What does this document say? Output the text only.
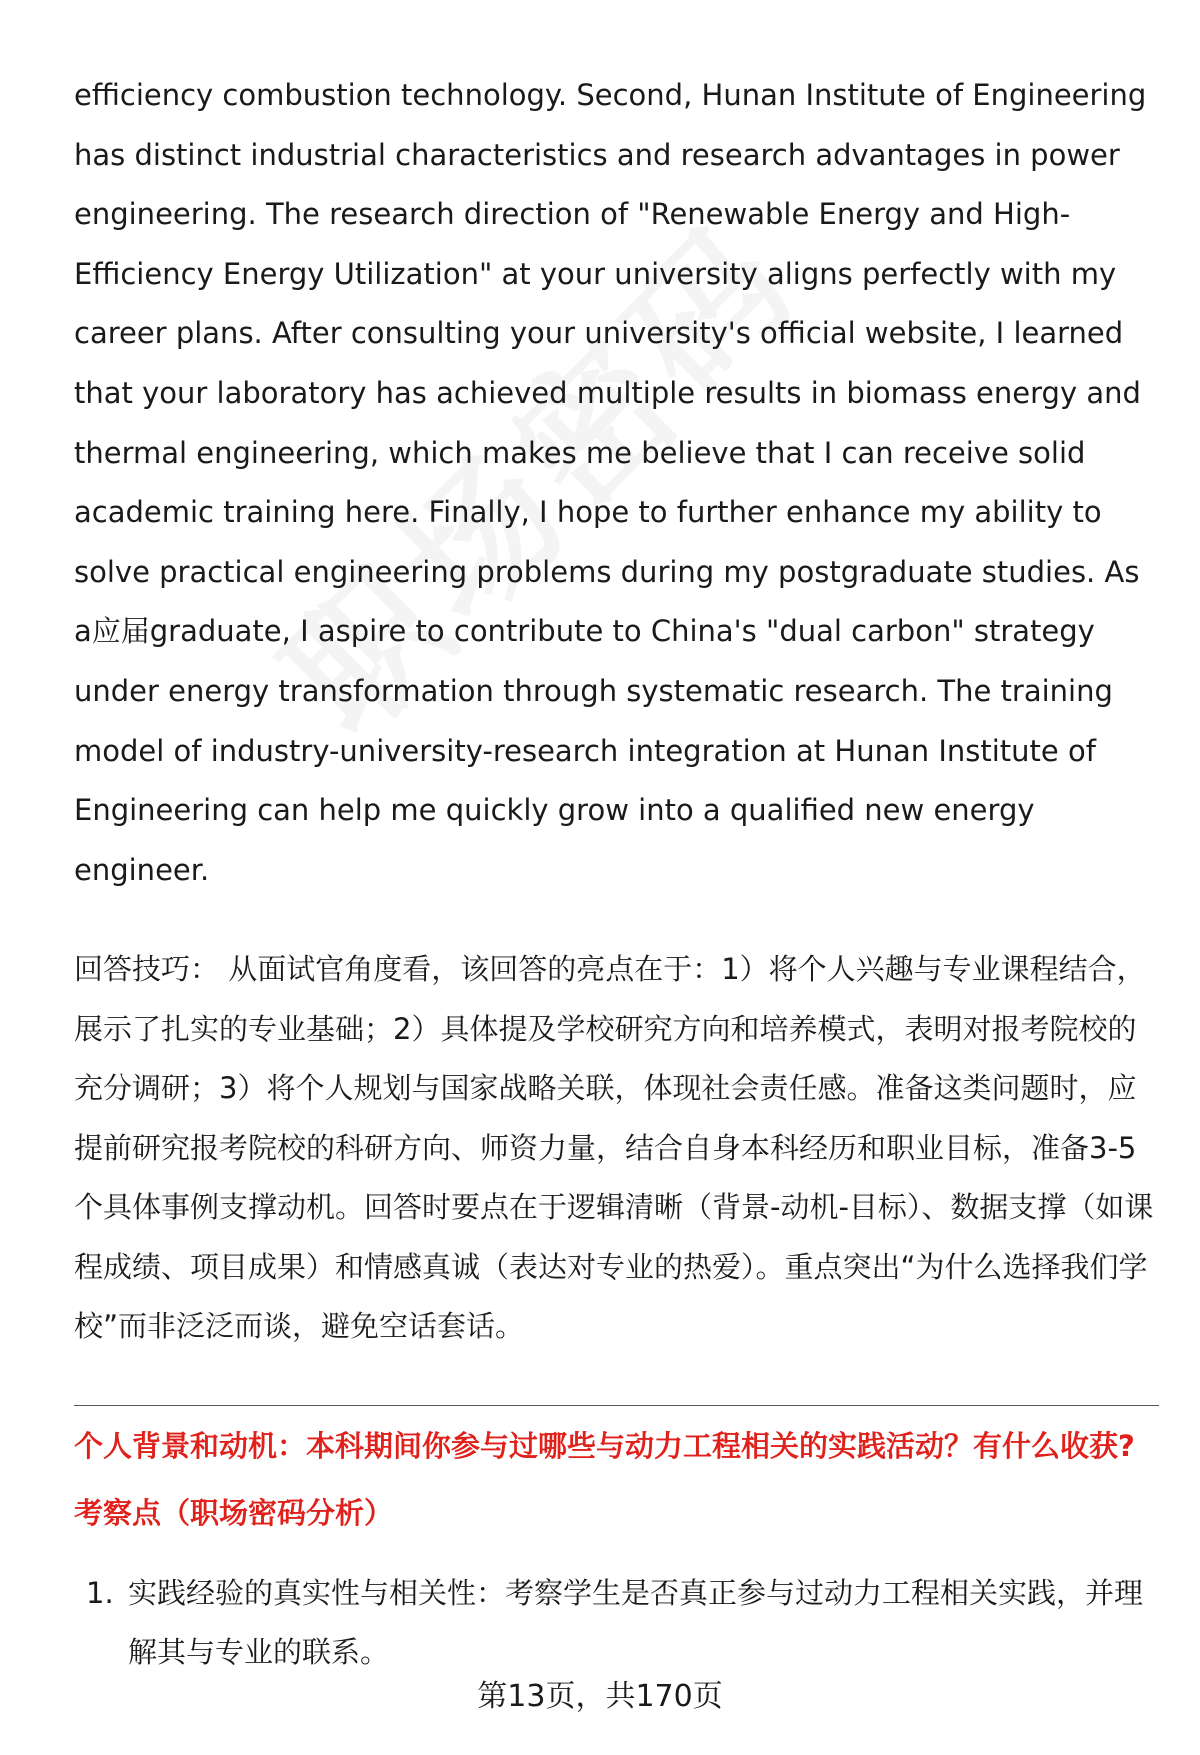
efficiency combustion technology. Second, Hunan Institute of Engineering has distinct industrial characteristics and research advantages in power engineering. The research direction of "Renewable Energy and High-Efficiency Energy Utilization" at your university aligns perfectly with my career plans. After consulting your university's official website, I learned that your laboratory has achieved multiple results in biomass energy and thermal engineering, which makes me believe that I can receive solid academic training here. Finally, I hope to further enhance my ability to solve practical engineering problems during my postgraduate studies. As a应届graduate, I aspire to contribute to China's "dual carbon" strategy under energy transformation through systematic research. The training model of industry-university-research integration at Hunan Institute of Engineering can help me quickly grow into a qualified new energy engineer.

回答技巧： 从面试官角度看，该回答的亮点在于：1）将个人兴趣与专业课程结合，展示了扎实的专业基础；2）具体提及学校研究方向和培养模式，表明对报考院校的充分调研；3）将个人规划与国家战略关联，体现社会责任感。准备这类问题时，应提前研究报考院校的科研方向、师资力量，结合自身本科经历和职业目标，准备3-5个具体事例支撑动机。回答时要点在于逻辑清晰（背景-动机-目标）、数据支撑（如课程成绩、项目成果）和情感真诚（表达对专业的热爱）。重点突出“为什么选择我们学校”而非泛泛而谈，避免空话套话。

个人背景和动机：本科期间你参与过哪些与动力工程相关的实践活动？有什么收获?
考察点（职场密码分析）
1. 实践经验的真实性与相关性：考察学生是否真正参与过动力工程相关实践，并理解其与专业的联系。
第13页，共170页
